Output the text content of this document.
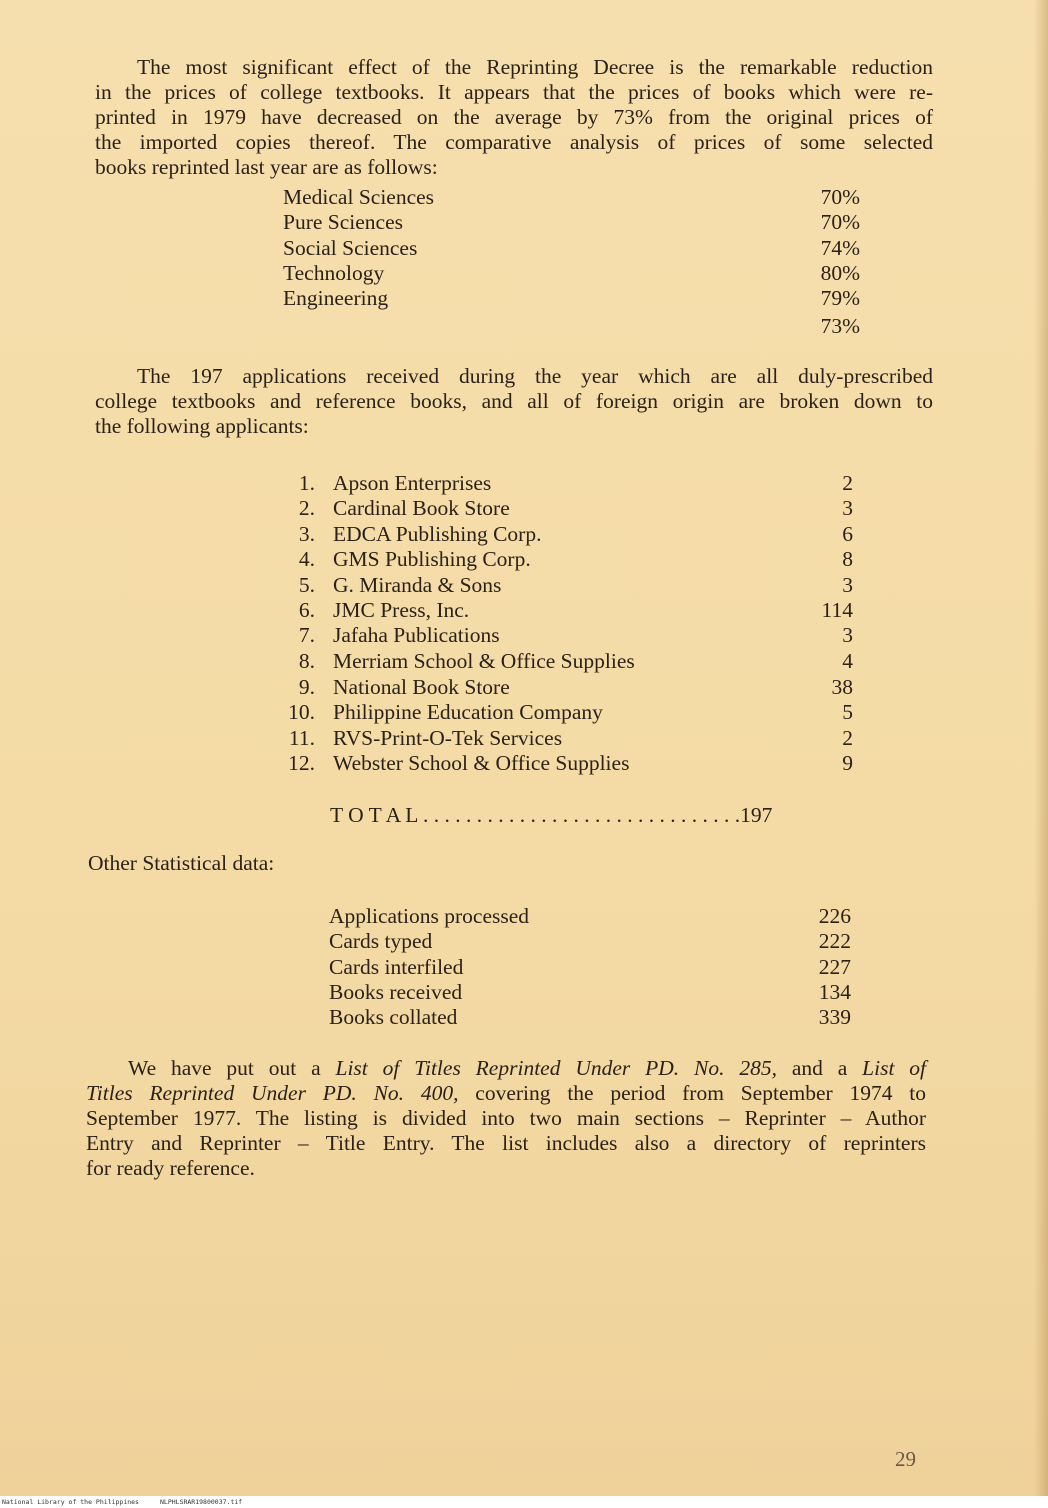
The most significant effect of the Reprinting Decree is the remarkable reduction
in the prices of college textbooks. It appears that the prices of books which were re-
printed in 1979 have decreased on the average by 73% from the original prices of
the imported copies thereof. The comparative analysis of prices of some selected
books reprinted last year are as follows:
Medical Sciences	70%
Pure Sciences	70%
Social Sciences	74%
Technology	80%
Engineering	79%
73%
The 197 applications received during the year which are all duly-prescribed
college textbooks and reference books, and all of foreign origin are broken down to
the following applicants:
1. Apson Enterprises	2
2. Cardinal Book Store	3
3. EDCA Publishing Corp.	6
4. GMS Publishing Corp.	8
5. G. Miranda & Sons	3
6. JMC Press, Inc.	114
7. Jafaha Publications	3
8. Merriam School & Office Supplies	4
9. National Book Store	38
10. Philippine Education Company	5
11. RVS-Print-O-Tek Services	2
12. Webster School & Office Supplies	9
T O T A L . . . . . . . . . . . . . . . . . . . . . . . . . . . . . .197
Other Statistical data:
Applications processed	226
Cards typed	222
Cards interfiled	227
Books received	134
Books collated	339
We have put out a List of Titles Reprinted Under PD. No. 285, and a List of
Titles Reprinted Under PD. No. 400, covering the period from September 1974 to
September 1977. The listing is divided into two main sections – Reprinter – Author
Entry and Reprinter – Title Entry. The list includes also a directory of reprinters
for ready reference.
29
National Library of the Philippines	NLPHLSRAR19800037.tif
